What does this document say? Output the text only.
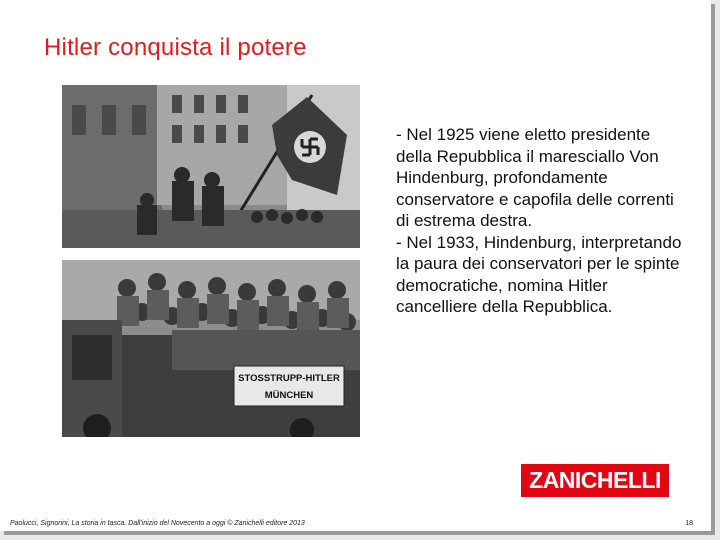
Hitler conquista il potere
STOSSTRUPP-HITLER
MÜNCHEN

- Nel 1925 viene eletto presidente della Repubblica il maresciallo Von Hindenburg, profondamente conservatore e capofila delle correnti di estrema destra.

- Nel 1933, Hindenburg, interpretando la paura dei conservatori per le spinte democratiche, nomina Hitler cancelliere della Repubblica.

ZANICHELLI
Paolucci, Signorini, La storia in tasca. Dall'inizio del Novecento a oggi © Zanichelli editore 2013	18
